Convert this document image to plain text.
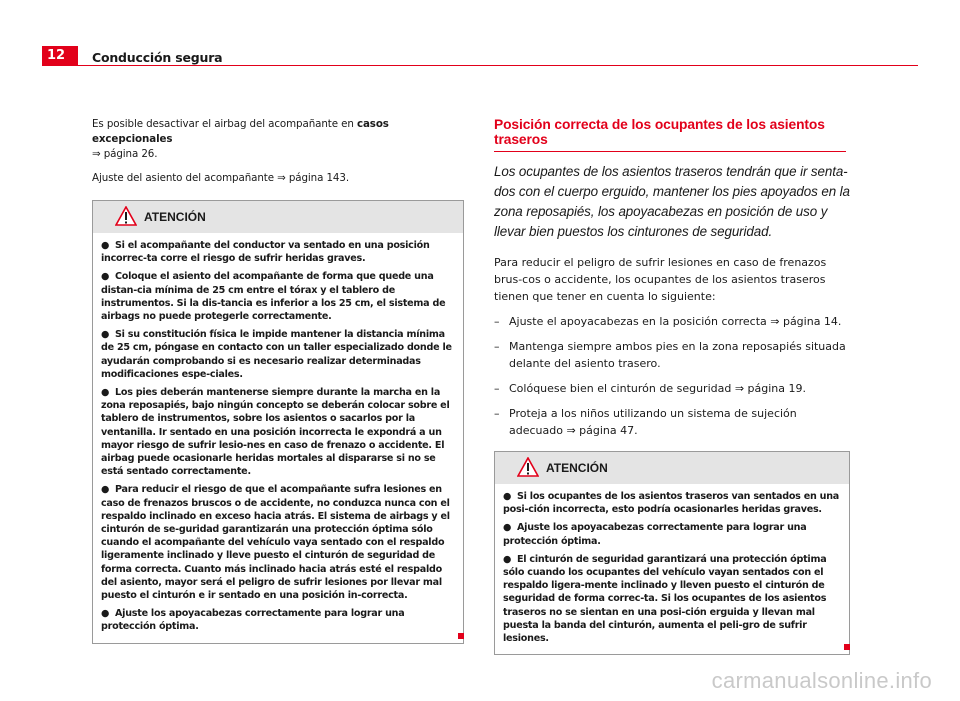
12	Conducción segura

Es posible desactivar el airbag del acompañante en casos excepcionales
⇒ página 26.

Ajuste del asiento del acompañante ⇒ página 143.

ATENCIÓN

● Si el acompañante del conductor va sentado en una posición incorrec-ta corre el riesgo de sufrir heridas graves.

● Coloque el asiento del acompañante de forma que quede una distan-cia mínima de 25 cm entre el tórax y el tablero de instrumentos. Si la dis-tancia es inferior a los 25 cm, el sistema de airbags no puede protegerle correctamente.

● Si su constitución física le impide mantener la distancia mínima de 25 cm, póngase en contacto con un taller especializado donde le ayudarán comprobando si es necesario realizar determinadas modificaciones espe-ciales.

● Los pies deberán mantenerse siempre durante la marcha en la zona reposapiés, bajo ningún concepto se deberán colocar sobre el tablero de instrumentos, sobre los asientos o sacarlos por la ventanilla. Ir sentado en una posición incorrecta le expondrá a un mayor riesgo de sufrir lesio-nes en caso de frenazo o accidente. El airbag puede ocasionarle heridas mortales al dispararse si no se está sentado correctamente.

● Para reducir el riesgo de que el acompañante sufra lesiones en caso de frenazos bruscos o de accidente, no conduzca nunca con el respaldo inclinado en exceso hacia atrás. El sistema de airbags y el cinturón de se-guridad garantizarán una protección óptima sólo cuando el acompañante del vehículo vaya sentado con el respaldo ligeramente inclinado y lleve puesto el cinturón de seguridad de forma correcta. Cuanto más inclinado hacia atrás esté el respaldo del asiento, mayor será el peligro de sufrir lesiones por llevar mal puesto el cinturón e ir sentado en una posición in-correcta.

● Ajuste los apoyacabezas correctamente para lograr una protección óptima.

Posición correcta de los ocupantes de los asientos traseros

Los ocupantes de los asientos traseros tendrán que ir senta-dos con el cuerpo erguido, mantener los pies apoyados en la zona reposapiés, los apoyacabezas en posición de uso y llevar bien puestos los cinturones de seguridad.

Para reducir el peligro de sufrir lesiones en caso de frenazos brus-cos o accidente, los ocupantes de los asientos traseros tienen que tener en cuenta lo siguiente:

– Ajuste el apoyacabezas en la posición correcta ⇒ página 14.
– Mantenga siempre ambos pies en la zona reposapiés situada delante del asiento trasero.
– Colóquese bien el cinturón de seguridad ⇒ página 19.
– Proteja a los niños utilizando un sistema de sujeción adecuado ⇒ página 47.
ATENCIÓN

● Si los ocupantes de los asientos traseros van sentados en una posi-ción incorrecta, esto podría ocasionarles heridas graves.

● Ajuste los apoyacabezas correctamente para lograr una protección óptima.

● El cinturón de seguridad garantizará una protección óptima sólo cuando los ocupantes del vehículo vayan sentados con el respaldo ligera-mente inclinado y lleven puesto el cinturón de seguridad de forma correc-ta. Si los ocupantes de los asientos traseros no se sientan en una posi-ción erguida y llevan mal puesta la banda del cinturón, aumenta el peli-gro de sufrir lesiones.

carmanualsonline.info
